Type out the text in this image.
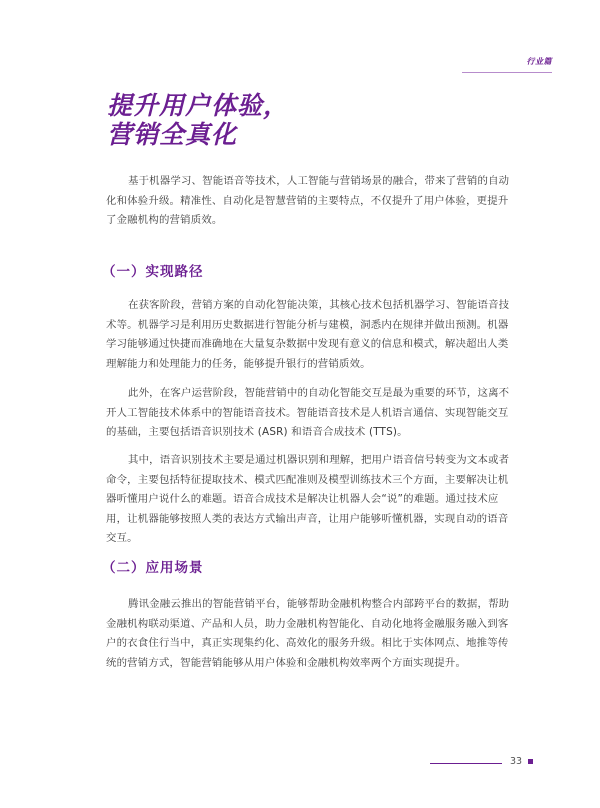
行业篇
提升用户体验，
营销全真化

基于机器学习、智能语音等技术，人工智能与营销场景的融合，带来了营销的自动化和体验升级。精准性、自动化是智慧营销的主要特点，不仅提升了用户体验，更提升了金融机构的营销质效。

（一）实现路径

在获客阶段，营销方案的自动化智能决策，其核心技术包括机器学习、智能语音技术等。机器学习是利用历史数据进行智能分析与建模，洞悉内在规律并做出预测。机器学习能够通过快捷而准确地在大量复杂数据中发现有意义的信息和模式，解决超出人类理解能力和处理能力的任务，能够提升银行的营销质效。

此外，在客户运营阶段，智能营销中的自动化智能交互是最为重要的环节，这离不开人工智能技术体系中的智能语音技术。智能语音技术是人机语言通信、实现智能交互的基础，主要包括语音识别技术 (ASR) 和语音合成技术 (TTS)。

其中，语音识别技术主要是通过机器识别和理解，把用户语音信号转变为文本或者命令，主要包括特征提取技术、模式匹配准则及模型训练技术三个方面，主要解决让机器听懂用户说什么的难题。语音合成技术是解决让机器人会“说”的难题。通过技术应用，让机器能够按照人类的表达方式输出声音，让用户能够听懂机器，实现自动的语音交互。

（二）应用场景

腾讯金融云推出的智能营销平台，能够帮助金融机构整合内部跨平台的数据，帮助金融机构联动渠道、产品和人员，助力金融机构智能化、自动化地将金融服务融入到客户的衣食住行当中，真正实现集约化、高效化的服务升级。相比于实体网点、地推等传统的营销方式，智能营销能够从用户体验和金融机构效率两个方面实现提升。

33
